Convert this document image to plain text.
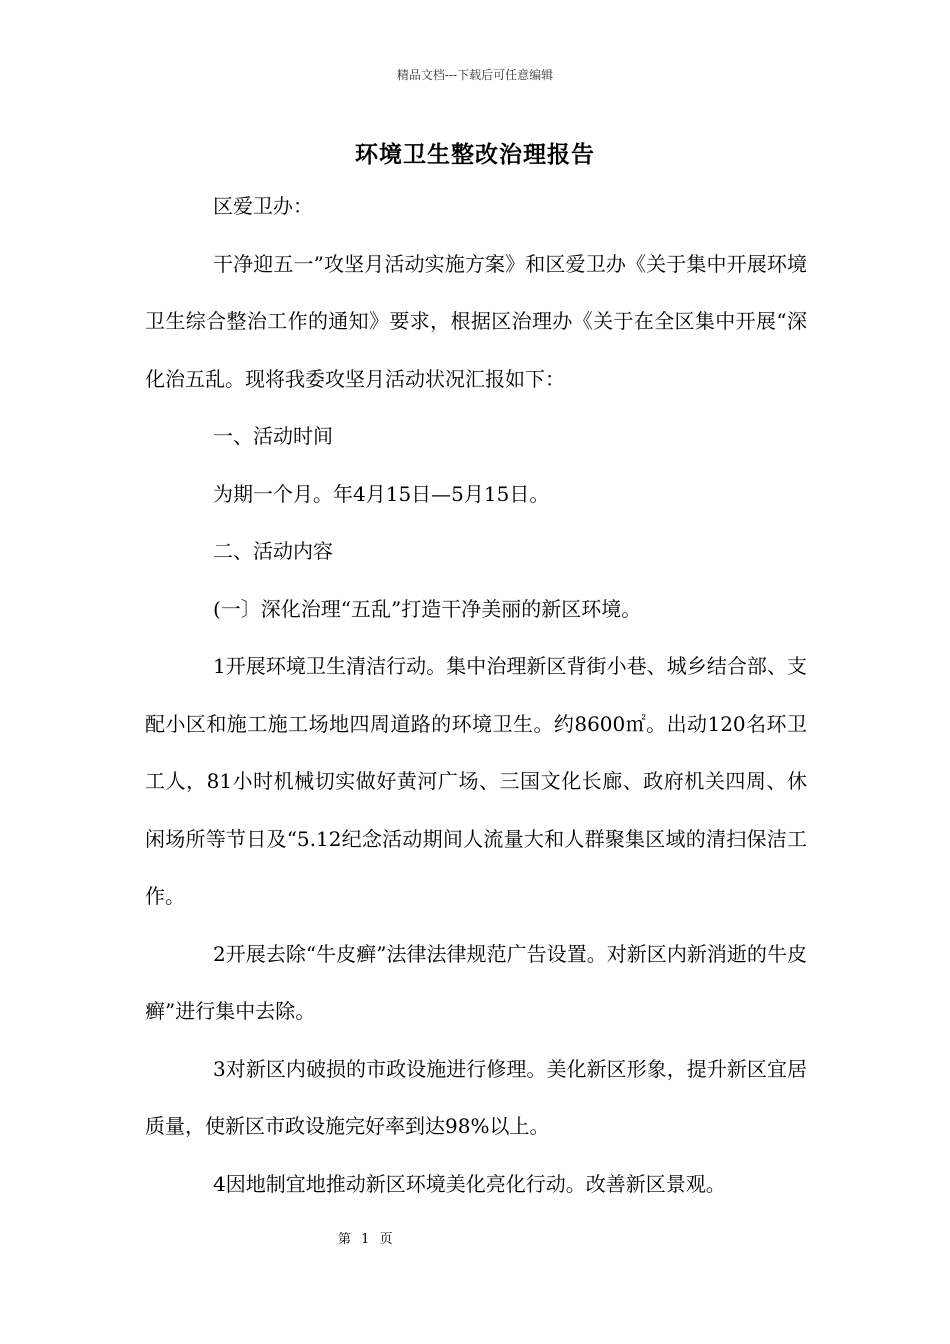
精品文档---下载后可任意编辑
环境卫生整改治理报告

区爱卫办：

干净迎五一”攻坚月活动实施方案》和区爱卫办《关于集中开展环境卫生综合整治工作的通知》要求，根据区治理办《关于在全区集中开展“深化治五乱。现将我委攻坚月活动状况汇报如下：

一、活动时间

为期一个月。年4月15日—5月15日。

二、活动内容

(一〕深化治理“五乱”打造干净美丽的新区环境。

1开展环境卫生清洁行动。集中治理新区背街小巷、城乡结合部、支配小区和施工施工场地四周道路的环境卫生。约8600㎡。出动120名环卫工人，81小时机械切实做好黄河广场、三国文化长廊、政府机关四周、休闲场所等节日及“5.12纪念活动期间人流量大和人群聚集区域的清扫保洁工作。

2开展去除“牛皮癣”法律法律规范广告设置。对新区内新消逝的牛皮癣”进行集中去除。

3对新区内破损的市政设施进行修理。美化新区形象，提升新区宜居质量，使新区市政设施完好率到达98%以上。

4因地制宜地推动新区环境美化亮化行动。改善新区景观。

第 1 页
